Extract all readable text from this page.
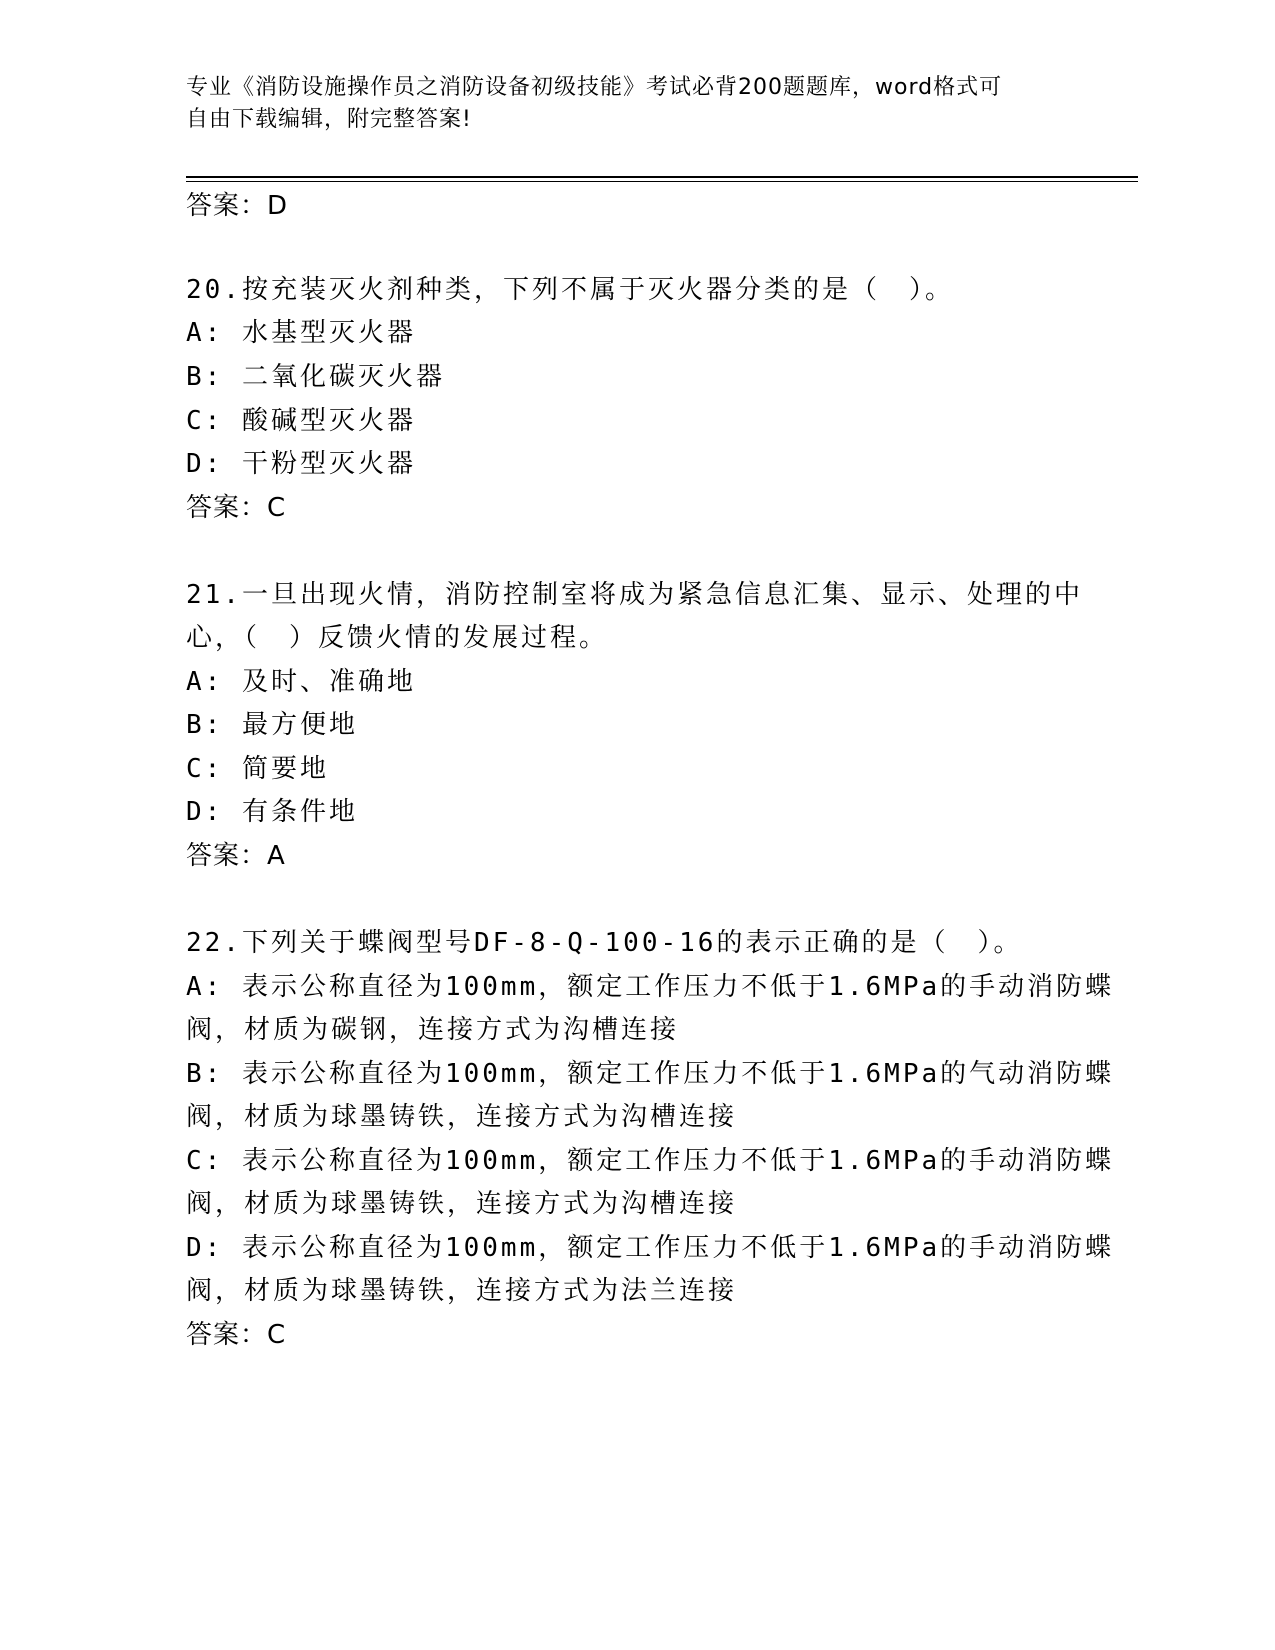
专业《消防设施操作员之消防设备初级技能》考试必背200题题库，word格式可
自由下载编辑，附完整答案!
答案：D
20.按充装灭火剂种类，下列不属于灭火器分类的是（　）。
A: 水基型灭火器
B: 二氧化碳灭火器
C: 酸碱型灭火器
D: 干粉型灭火器
答案：C
21.一旦出现火情，消防控制室将成为紧急信息汇集、显示、处理的中
心，（　）反馈火情的发展过程。
A: 及时、准确地
B: 最方便地
C: 简要地
D: 有条件地
答案：A
22.下列关于蝶阀型号DF-8-Q-100-16的表示正确的是（　）。
A: 表示公称直径为100mm，额定工作压力不低于1.6MPa的手动消防蝶
阀，材质为碳钢，连接方式为沟槽连接
B: 表示公称直径为100mm，额定工作压力不低于1.6MPa的气动消防蝶
阀，材质为球墨铸铁，连接方式为沟槽连接
C: 表示公称直径为100mm，额定工作压力不低于1.6MPa的手动消防蝶
阀，材质为球墨铸铁，连接方式为沟槽连接
D: 表示公称直径为100mm，额定工作压力不低于1.6MPa的手动消防蝶
阀，材质为球墨铸铁，连接方式为法兰连接
答案：C
